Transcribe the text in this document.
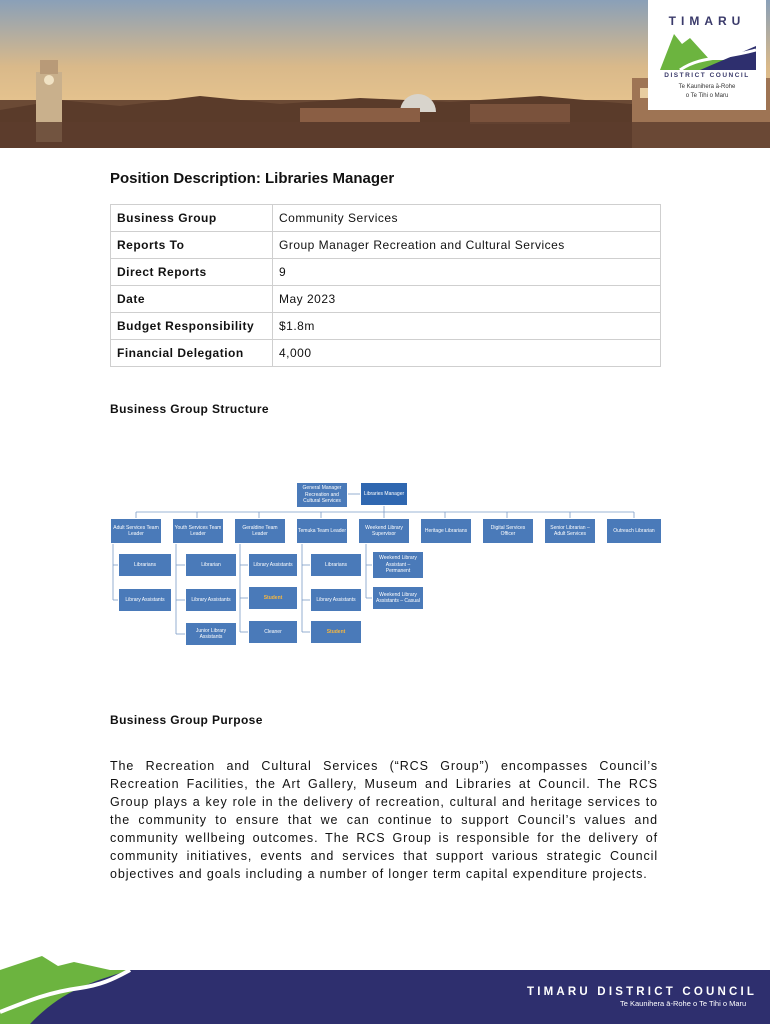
TIMARU
DISTRICT COUNCIL
Te Kaunihera ā-Rohe
o Te Tihi o Maru
Position Description: Libraries Manager
Business Group	Community Services
Reports To	Group Manager Recreation and Cultural Services
Direct Reports	9
Date	May 2023
Budget Responsibility	$1.8m
Financial Delegation	4,000
Business Group Structure
General Manager Recreation and Cultural Services
Libraries Manager
Adult Services Team Leader
Youth Services Team Leader
Geraldine Team Leader
Temuka Team Leader
Weekend Library Supervisor
Heritage Librarians
Digital Services Officer
Senior Librarian – Adult Services
Outreach Librarian
Librarians
Library Assistants
Librarian
Library Assistants
Junior Library Assistants
Library Assistants
Student
Cleaner
Librarians
Library Assistants
Student
Weekend Library Assistant – Permanent
Weekend Library Assistants – Casual
Business Group Purpose

The Recreation and Cultural Services (“RCS Group”) encompasses Council’s Recreation Facilities, the Art Gallery, Museum and Libraries at Council. The RCS Group plays a key role in the delivery of recreation, cultural and heritage services to the community to ensure that we can continue to support Council’s values and community wellbeing outcomes. The RCS Group is responsible for the delivery of community initiatives, events and services that support various strategic Council objectives and goals including a number of longer term capital expenditure projects.

TIMARU DISTRICT COUNCIL
Te Kaunihera ā-Rohe o Te Tihi o Maru
